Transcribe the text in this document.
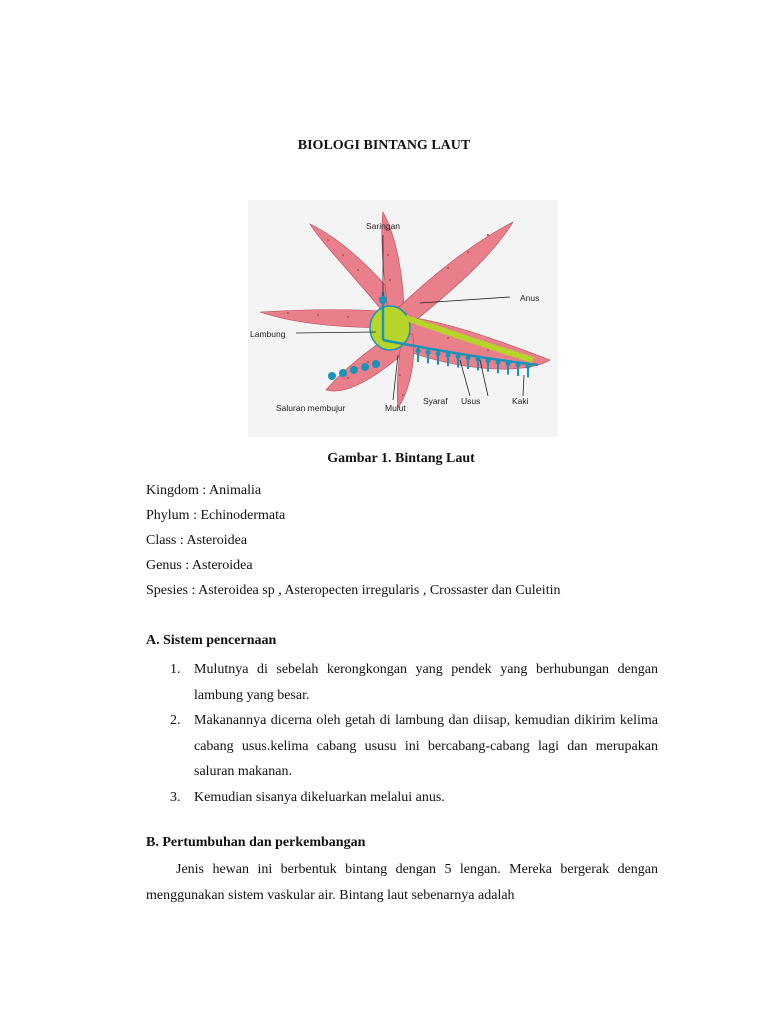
BIOLOGI BINTANG LAUT
Saringan
Anus
Lambung
Saluran membujur	Mulut
Syaraf Usus	Kaki
Gambar 1. Bintang Laut
Kingdom : Animalia
Phylum : Echinodermata
Class : Asteroidea
Genus : Asteroidea
Spesies : Asteroidea sp , Asteropecten irregularis , Crossaster dan Culeitin
A. Sistem pencernaan
1. Mulutnya di sebelah kerongkongan yang pendek yang berhubungan dengan lambung yang besar.
2. Makanannya dicerna oleh getah di lambung dan diisap, kemudian dikirim kelima cabang usus.kelima cabang ususu ini bercabang-cabang lagi dan merupakan saluran makanan.
3. Kemudian sisanya dikeluarkan melalui anus.
B. Pertumbuhan dan perkembangan
Jenis hewan ini berbentuk bintang dengan 5 lengan. Mereka bergerak dengan menggunakan sistem vaskular air. Bintang laut sebenarnya adalah
